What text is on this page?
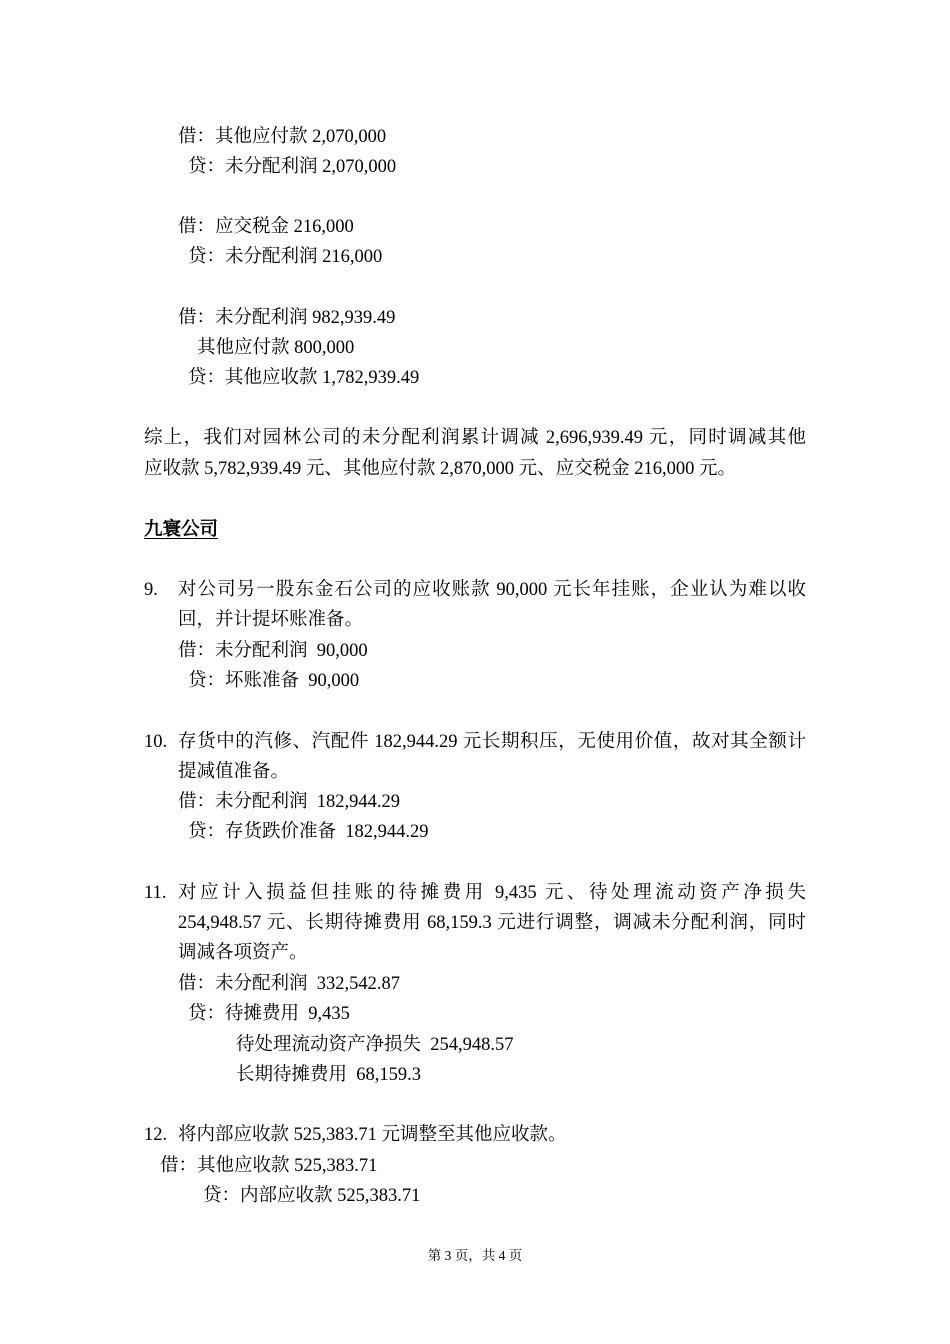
借：其他应付款 2,070,000
贷：未分配利润 2,070,000
借：应交税金 216,000
贷：未分配利润 216,000
借：未分配利润 982,939.49
其他应付款 800,000
贷：其他应收款 1,782,939.49
综上，我们对园林公司的未分配利润累计调减 2,696,939.49 元，同时调减其他
应收款 5,782,939.49 元、其他应付款 2,870,000 元、应交税金 216,000 元。
九寰公司
9. 对公司另一股东金石公司的应收账款 90,000 元长年挂账，企业认为难以收
回，并计提坏账准备。
借：未分配利润  90,000
贷：坏账准备  90,000
10. 存货中的汽修、汽配件 182,944.29 元长期积压，无使用价值，故对其全额计
提减值准备。
借：未分配利润  182,944.29
贷：存货跌价准备  182,944.29
11. 对应计入损益但挂账的待摊费用 9,435 元、待处理流动资产净损失
254,948.57 元、长期待摊费用 68,159.3 元进行调整，调减未分配利润，同时
调减各项资产。
借：未分配利润  332,542.87
贷：待摊费用  9,435
待处理流动资产净损失  254,948.57
长期待摊费用  68,159.3
12. 将内部应收款 525,383.71 元调整至其他应收款。
借：其他应收款 525,383.71
贷：内部应收款 525,383.71
第 3 页，共 4 页
